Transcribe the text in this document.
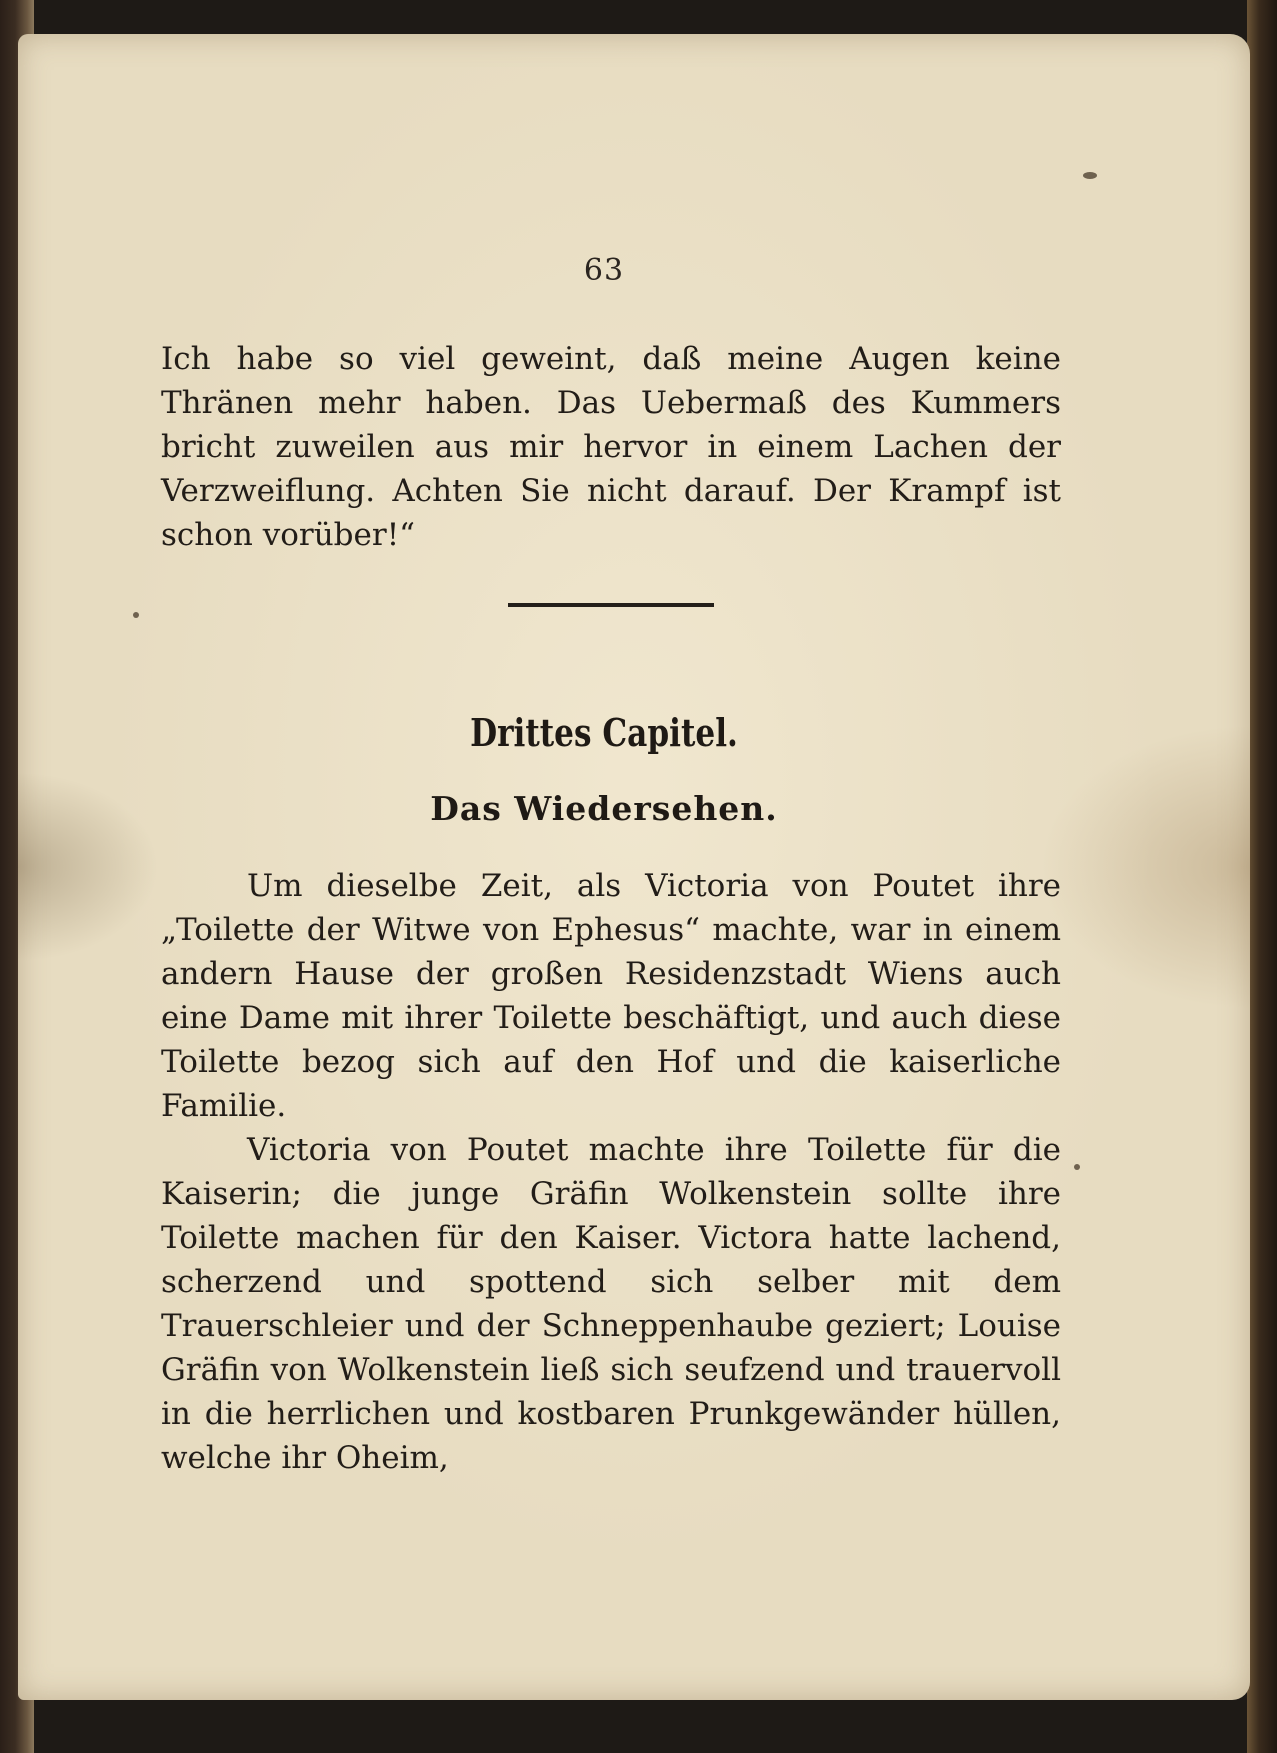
63

Ich habe so viel geweint, daß meine Augen keine Thränen mehr haben. Das Uebermaß des Kummers bricht zuweilen aus mir hervor in einem Lachen der Verzweiflung. Achten Sie nicht darauf. Der Krampf ist schon vorüber!“

Drittes Capitel.
Das Wiedersehen.

Um dieselbe Zeit, als Victoria von Poutet ihre „Toilette der Witwe von Ephesus“ machte, war in einem andern Hause der großen Residenzstadt Wiens auch eine Dame mit ihrer Toilette beschäftigt, und auch diese Toilette bezog sich auf den Hof und die kaiserliche Familie.

Victoria von Poutet machte ihre Toilette für die Kaiserin; die junge Gräfin Wolkenstein sollte ihre Toilette machen für den Kaiser. Victora hatte lachend, scherzend und spottend sich selber mit dem Trauerschleier und der Schneppenhaube geziert; Louise Gräfin von Wolkenstein ließ sich seufzend und trauervoll in die herrlichen und kostbaren Prunkgewänder hüllen, welche ihr Oheim,
